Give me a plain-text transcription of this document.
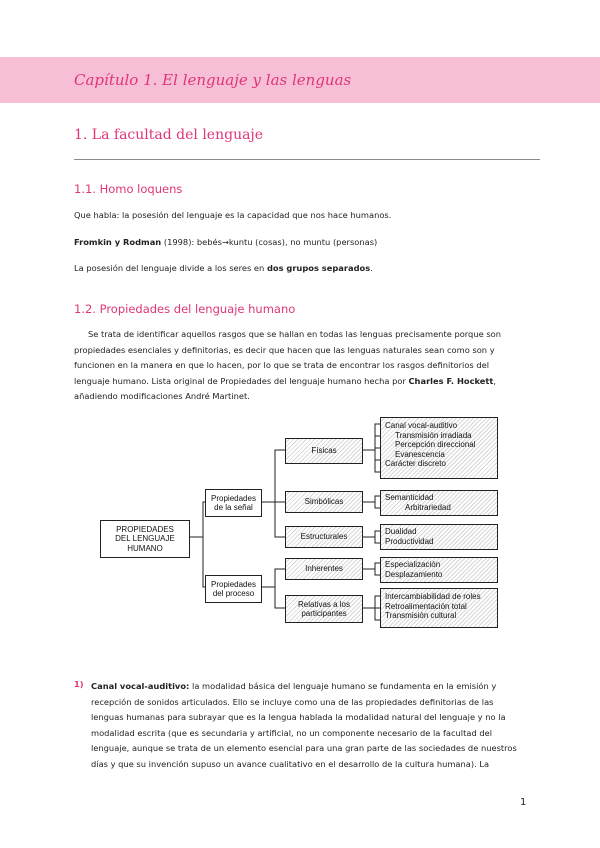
Capítulo 1. El lenguaje y las lenguas
1. La facultad del lenguaje
1.1. Homo loquens
Que habla: la posesión del lenguaje es la capacidad que nos hace humanos.
Fromkin y Rodman (1998): bebés→kuntu (cosas), no muntu (personas)
La posesión del lenguaje divide a los seres en dos grupos separados.
1.2. Propiedades del lenguaje humano
Se trata de identificar aquellos rasgos que se hallan en todas las lenguas precisamente porque son
propiedades esenciales y definitorias, es decir que hacen que las lenguas naturales sean como son y
funcionen en la manera en que lo hacen, por lo que se trata de encontrar los rasgos definitorios del
lenguaje humano. Lista original de Propiedades del lenguaje humano hecha por Charles F. Hockett,
añadiendo modificaciones André Martinet.
PROPIEDADES
DEL LENGUAJE
HUMANO
Propiedades
de la señal
Propiedades
del proceso
Físicas
Simbólicas
Estructurales
Inherentes
Relativas a los
participantes
Canal vocal-auditivo
Transmisión irradiada
Percepción direccional
Evanescencia
Carácter discreto
Semanticidad
Arbitrariedad
Dualidad
Productividad
Especialización
Desplazamiento
Intercambiabilidad de roles
Retroalimentación total
Transmisión cultural
1) Canal vocal-auditivo: la modalidad básica del lenguaje humano se fundamenta en la emisión y
recepción de sonidos articulados. Ello se incluye como una de las propiedades definitorias de las
lenguas humanas para subrayar que es la lengua hablada la modalidad natural del lenguaje y no la
modalidad escrita (que es secundaria y artificial, no un componente necesario de la facultad del
lenguaje, aunque se trata de un elemento esencial para una gran parte de las sociedades de nuestros
días y que su invención supuso un avance cualitativo en el desarrollo de la cultura humana). La
1
